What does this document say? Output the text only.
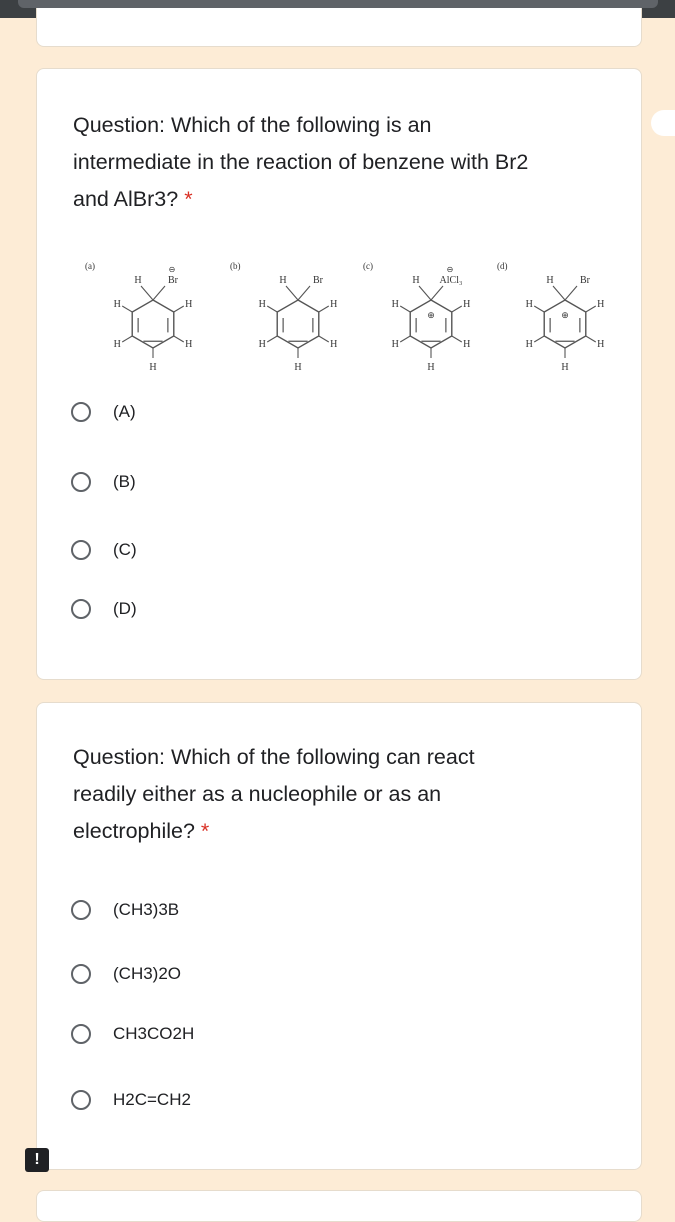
Question: Which of the following is an intermediate in the reaction of benzene with Br2 and AlBr3? *
(a)
H	Br
H	H
H	H
H
⊖	(b)
H	Br
H	H
H	H
H
(c)
H AlCl₃
H	H
H	H
H
⊖
⊕
(d)
H	Br
H	H
H	H
H
⊕
(A)
(B)
(C)
(D)
Question: Which of the following can react readily either as a nucleophile or as an electrophile? *
(CH3)3B
(CH3)2O
CH3CO2H
H2C=CH2
!
